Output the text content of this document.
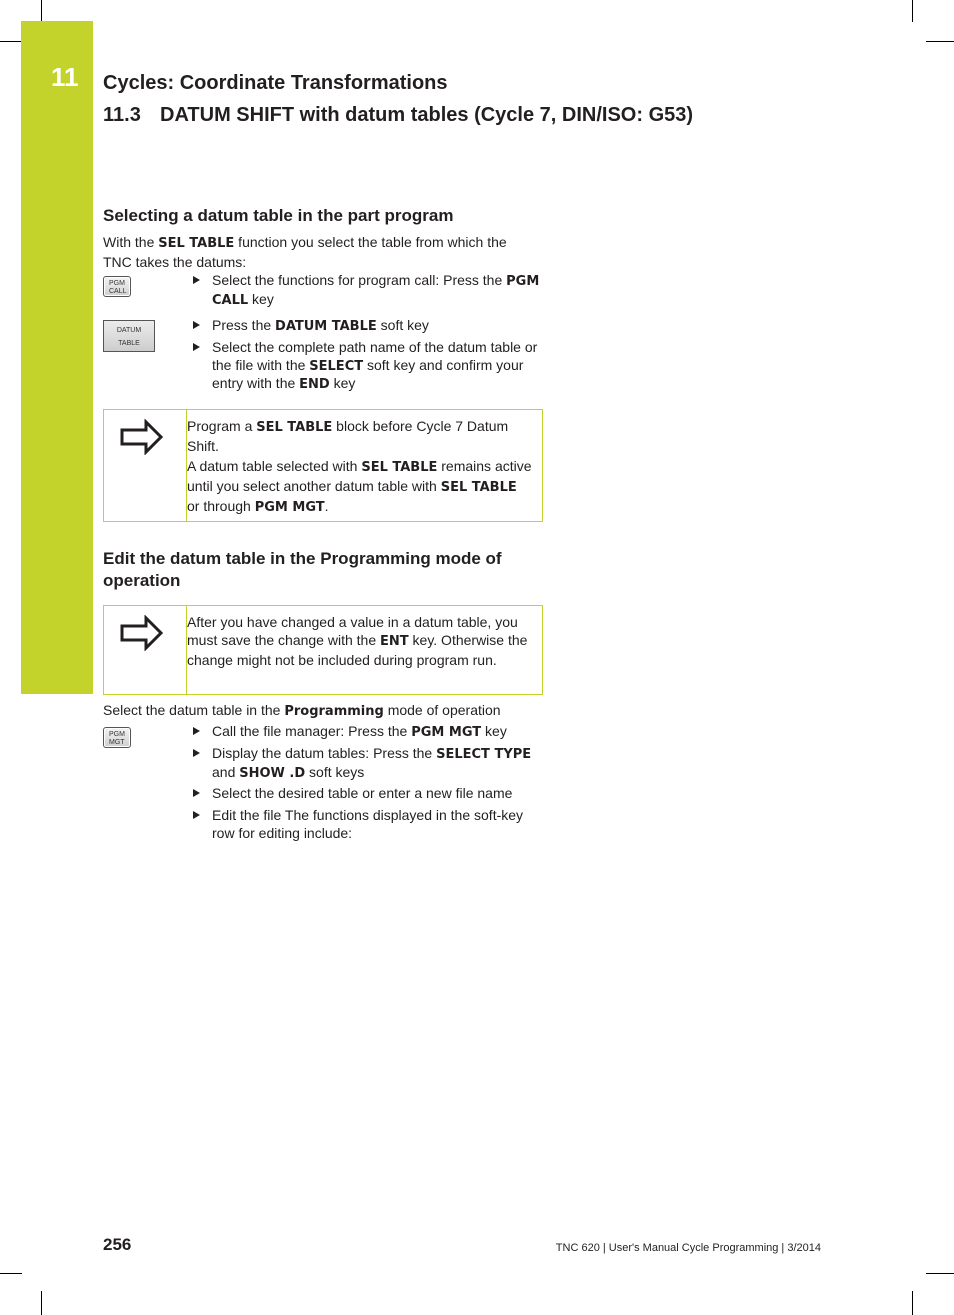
11 Cycles: Coordinate Transformations
11.3 DATUM SHIFT with datum tables (Cycle 7, DIN/ISO: G53)
Selecting a datum table in the part program
With the SEL TABLE function you select the table from which the TNC takes the datums:
PGM
CALL
Select the functions for program call: Press the PGM CALL key
DATUM
TABLE
Press the DATUM TABLE soft key
Select the complete path name of the datum table or the file with the SELECT soft key and confirm your entry with the END key
Program a SEL TABLE block before Cycle 7 Datum Shift.
A datum table selected with SEL TABLE remains active until you select another datum table with SEL TABLE or through PGM MGT.
Edit the datum table in the Programming mode of operation
After you have changed a value in a datum table, you must save the change with the ENT key. Otherwise the change might not be included during program run.
Select the datum table in the Programming mode of operation
PGM
MGT
Call the file manager: Press the PGM MGT key
Display the datum tables: Press the SELECT TYPE and SHOW .D soft keys
Select the desired table or enter a new file name
Edit the file The functions displayed in the soft-key row for editing include:
256	TNC 620 | User's Manual Cycle Programming | 3/2014
